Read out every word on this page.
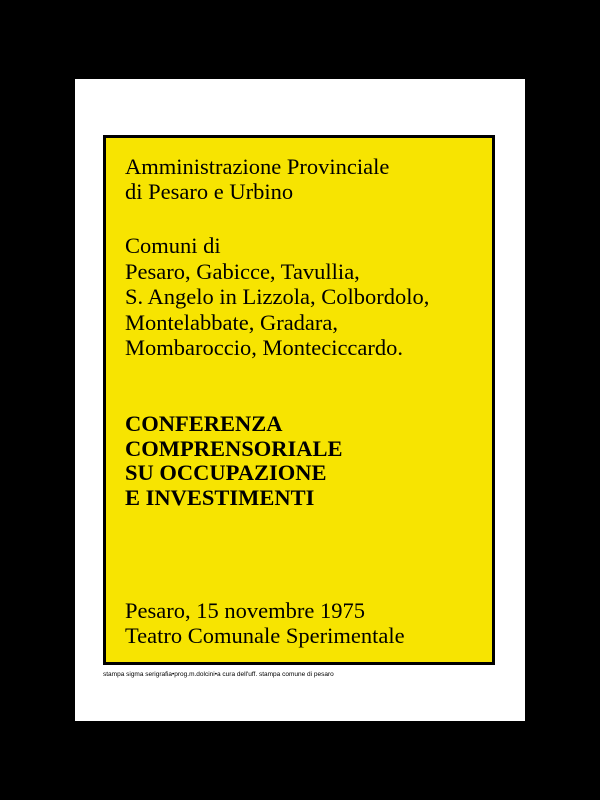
Amministrazione Provinciale
di Pesaro e Urbino
Comuni di
Pesaro, Gabicce, Tavullia,
S. Angelo in Lizzola, Colbordolo,
Montelabbate, Gradara,
Mombaroccio, Monteciccardo.
CONFERENZA
COMPRENSORIALE
SU OCCUPAZIONE
E INVESTIMENTI
Pesaro, 15 novembre 1975
Teatro Comunale Sperimentale
stampa sigma serigrafia•prog.m.dolcini•a cura dell'uff. stampa comune di pesaro
